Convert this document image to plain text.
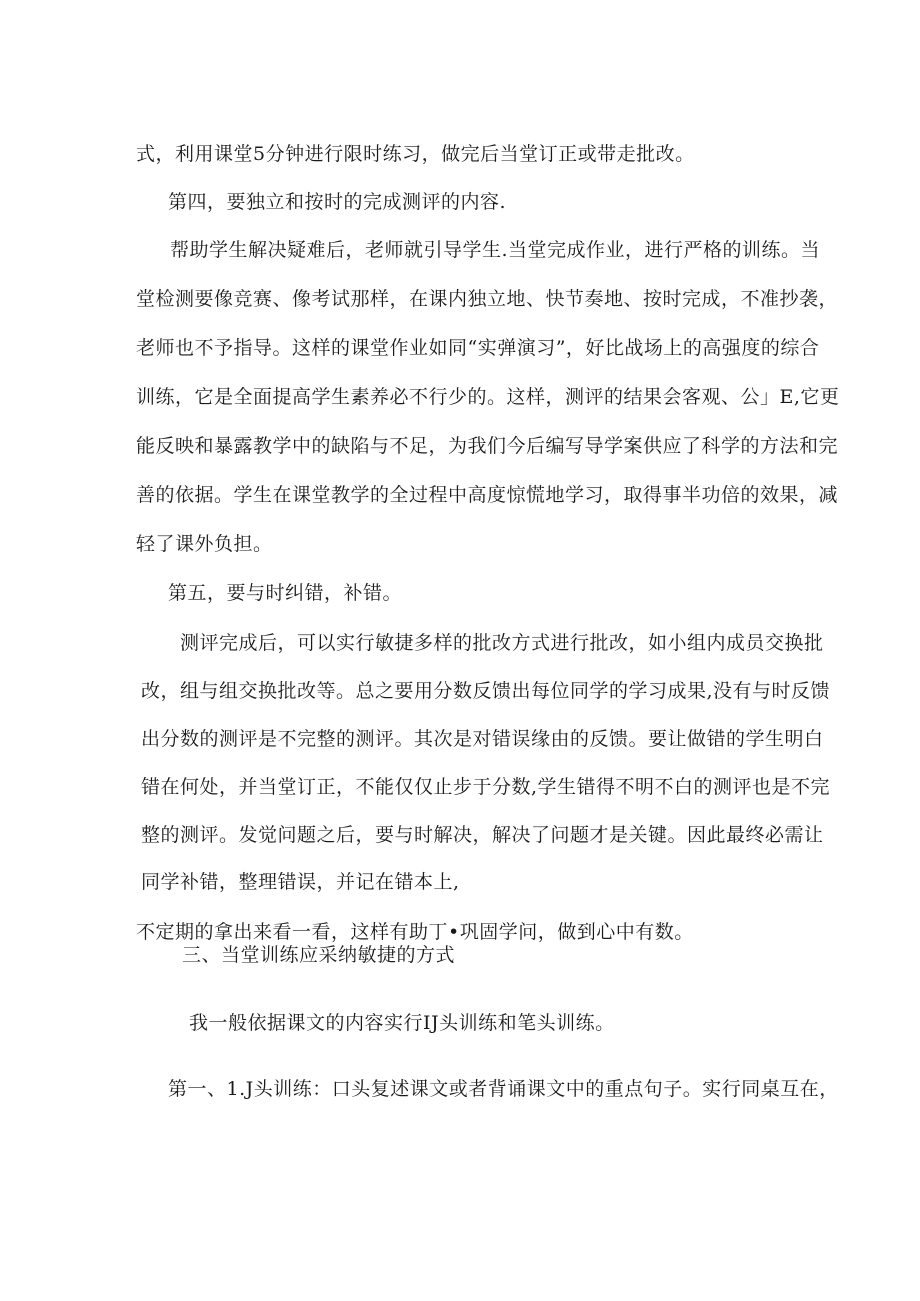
式，利用课堂5分钟进行限时练习，做完后当堂订正或带走批改。
第四，要独立和按时的完成测评的内容.
帮助学生解决疑难后，老师就引导学生.当堂完成作业，进行严格的训练。当
堂检测要像竞赛、像考试那样，在课内独立地、快节奏地、按时完成，不准抄袭，
老师也不予指导。这样的课堂作业如同“实弹演习”，好比战场上的高强度的综合
训练，它是全面提高学生素养必不行少的。这样，测评的结果会客观、公」E,它更
能反映和暴露教学中的缺陷与不足，为我们今后编写导学案供应了科学的方法和完
善的依据。学生在课堂教学的全过程中高度惊慌地学习，取得事半功倍的效果，减
轻了课外负担。
第五，要与时纠错，补错。
测评完成后，可以实行敏捷多样的批改方式进行批改，如小组内成员交换批
改，组与组交换批改等。总之要用分数反馈出每位同学的学习成果,没有与时反馈
出分数的测评是不完整的测评。其次是对错误缘由的反馈。要让做错的学生明白
错在何处，并当堂订正，不能仅仅止步于分数,学生错得不明不白的测评也是不完
整的测评。发觉问题之后，要与时解决，解决了问题才是关键。因此最终必需让
同学补错，整理错误，并记在错本上,
不定期的拿出来看一看，这样有助丁•巩固学问，做到心中有数。
三、当堂训练应采纳敏捷的方式
我一般依据课文的内容实行IJ头训练和笔头训练。
第一、1.J头训练：口头复述课文或者背诵课文中的重点句子。实行同桌互在，
